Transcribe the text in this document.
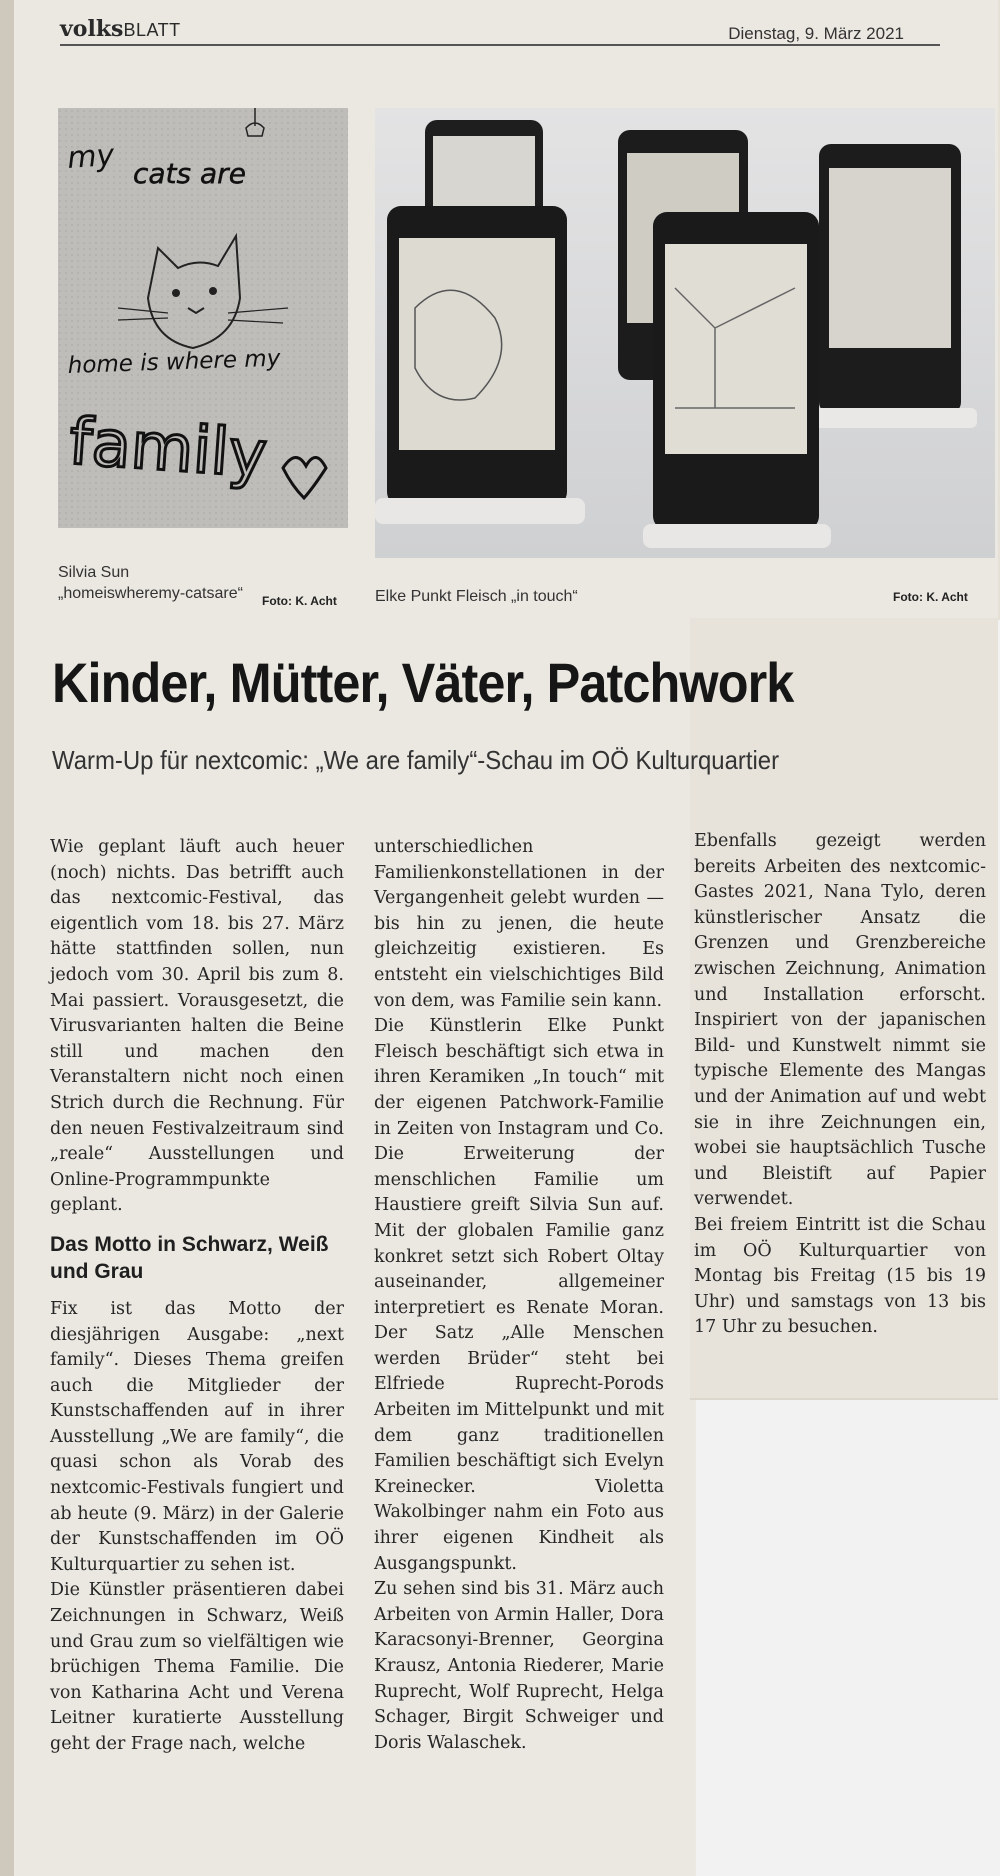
volksBLATT	Dienstag, 9. März 2021
my cats are
home is where my
family
Silvia Sun „homeiswheremy-catsare“	Foto: K. Acht Elke Punkt Fleisch „in touch“	Foto: K. Acht
Kinder, Mütter, Väter, Patchwork
Warm-Up für nextcomic: „We are family“-Schau im OÖ Kulturquartier

Wie geplant läuft auch heuer (noch) nichts. Das betrifft auch das nextcomic-Festival, das eigentlich vom 18. bis 27. März hätte stattfinden sollen, nun jedoch vom 30. April bis zum 8. Mai passiert. Vorausgesetzt, die Virusvarianten halten die Beine still und machen den Veranstaltern nicht noch einen Strich durch die Rechnung. Für den neuen Festivalzeitraum sind „reale“ Ausstellungen und Online-Programmpunkte geplant.

Das Motto in Schwarz, Weiß und Grau

Fix ist das Motto der diesjährigen Ausgabe: „next family“. Dieses Thema greifen auch die Mitglieder der Kunstschaffenden auf in ihrer Ausstellung „We are family“, die quasi schon als Vorab des nextcomic-Festivals fungiert und ab heute (9. März) in der Galerie der Kunstschaffenden im OÖ Kulturquartier zu sehen ist.

Die Künstler präsentieren dabei Zeichnungen in Schwarz, Weiß und Grau zum so vielfältigen wie brüchigen Thema Familie. Die von Katharina Acht und Verena Leitner kuratierte Ausstellung geht der Frage nach, welche

unterschiedlichen Familienkonstellationen in der Vergangenheit gelebt wurden — bis hin zu jenen, die heute gleichzeitig existieren. Es entsteht ein vielschichtiges Bild von dem, was Familie sein kann.

Die Künstlerin Elke Punkt Fleisch beschäftigt sich etwa in ihren Keramiken „In touch“ mit der eigenen Patchwork-Familie in Zeiten von Instagram und Co. Die Erweiterung der menschlichen Familie um Haustiere greift Silvia Sun auf. Mit der globalen Familie ganz konkret setzt sich Robert Oltay auseinander, allgemeiner interpretiert es Renate Moran. Der Satz „Alle Menschen werden Brüder“ steht bei Elfriede Ruprecht-Porods Arbeiten im Mittelpunkt und mit dem ganz traditionellen Familien beschäftigt sich Evelyn Kreinecker. Violetta Wakolbinger nahm ein Foto aus ihrer eigenen Kindheit als Ausgangspunkt.

Zu sehen sind bis 31. März auch Arbeiten von Armin Haller, Dora Karacsonyi-Brenner, Georgina Krausz, Antonia Riederer, Marie Ruprecht, Wolf Ruprecht, Helga Schager, Birgit Schweiger und Doris Walaschek.

Ebenfalls gezeigt werden bereits Arbeiten des nextcomic-Gastes 2021, Nana Tylo, deren künstlerischer Ansatz die Grenzen und Grenzbereiche zwischen Zeichnung, Animation und Installation erforscht. Inspiriert von der japanischen Bild- und Kunstwelt nimmt sie typische Elemente des Mangas und der Animation auf und webt sie in ihre Zeichnungen ein, wobei sie hauptsächlich Tusche und Bleistift auf Papier verwendet.

Bei freiem Eintritt ist die Schau im OÖ Kulturquartier von Montag bis Freitag (15 bis 19 Uhr) und samstags von 13 bis 17 Uhr zu besuchen.
